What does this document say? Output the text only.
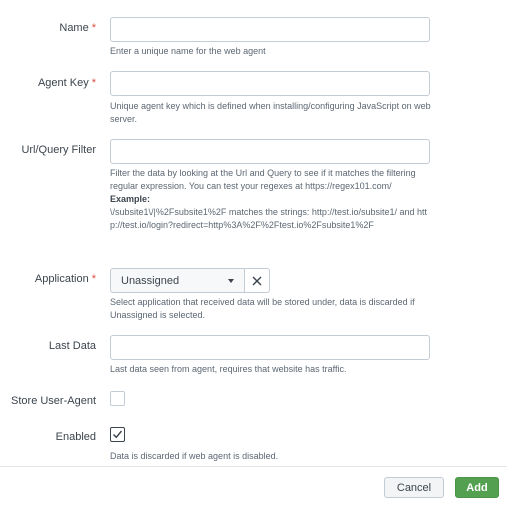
Name *
Enter a unique name for the web agent
Agent Key *
Unique agent key which is defined when installing/configuring JavaScript on web server.
Url/Query Filter
Filter the data by looking at the Url and Query to see if it matches the filtering regular expression. You can test your regexes at https://regex101.com/
Example:
\/subsite1\/|%2Fsubsite1%2F matches the strings: http://test.io/subsite1/ and http://test.io/login?redirect=http%3A%2F%2Ftest.io%2Fsubsite1%2F
Application * Unassigned
Select application that received data will be stored under, data is discarded if Unassigned is selected.
Last Data
Last data seen from agent, requires that website has traffic.
Store User-Agent
Enabled
Data is discarded if web agent is disabled.
Cancel	Add
